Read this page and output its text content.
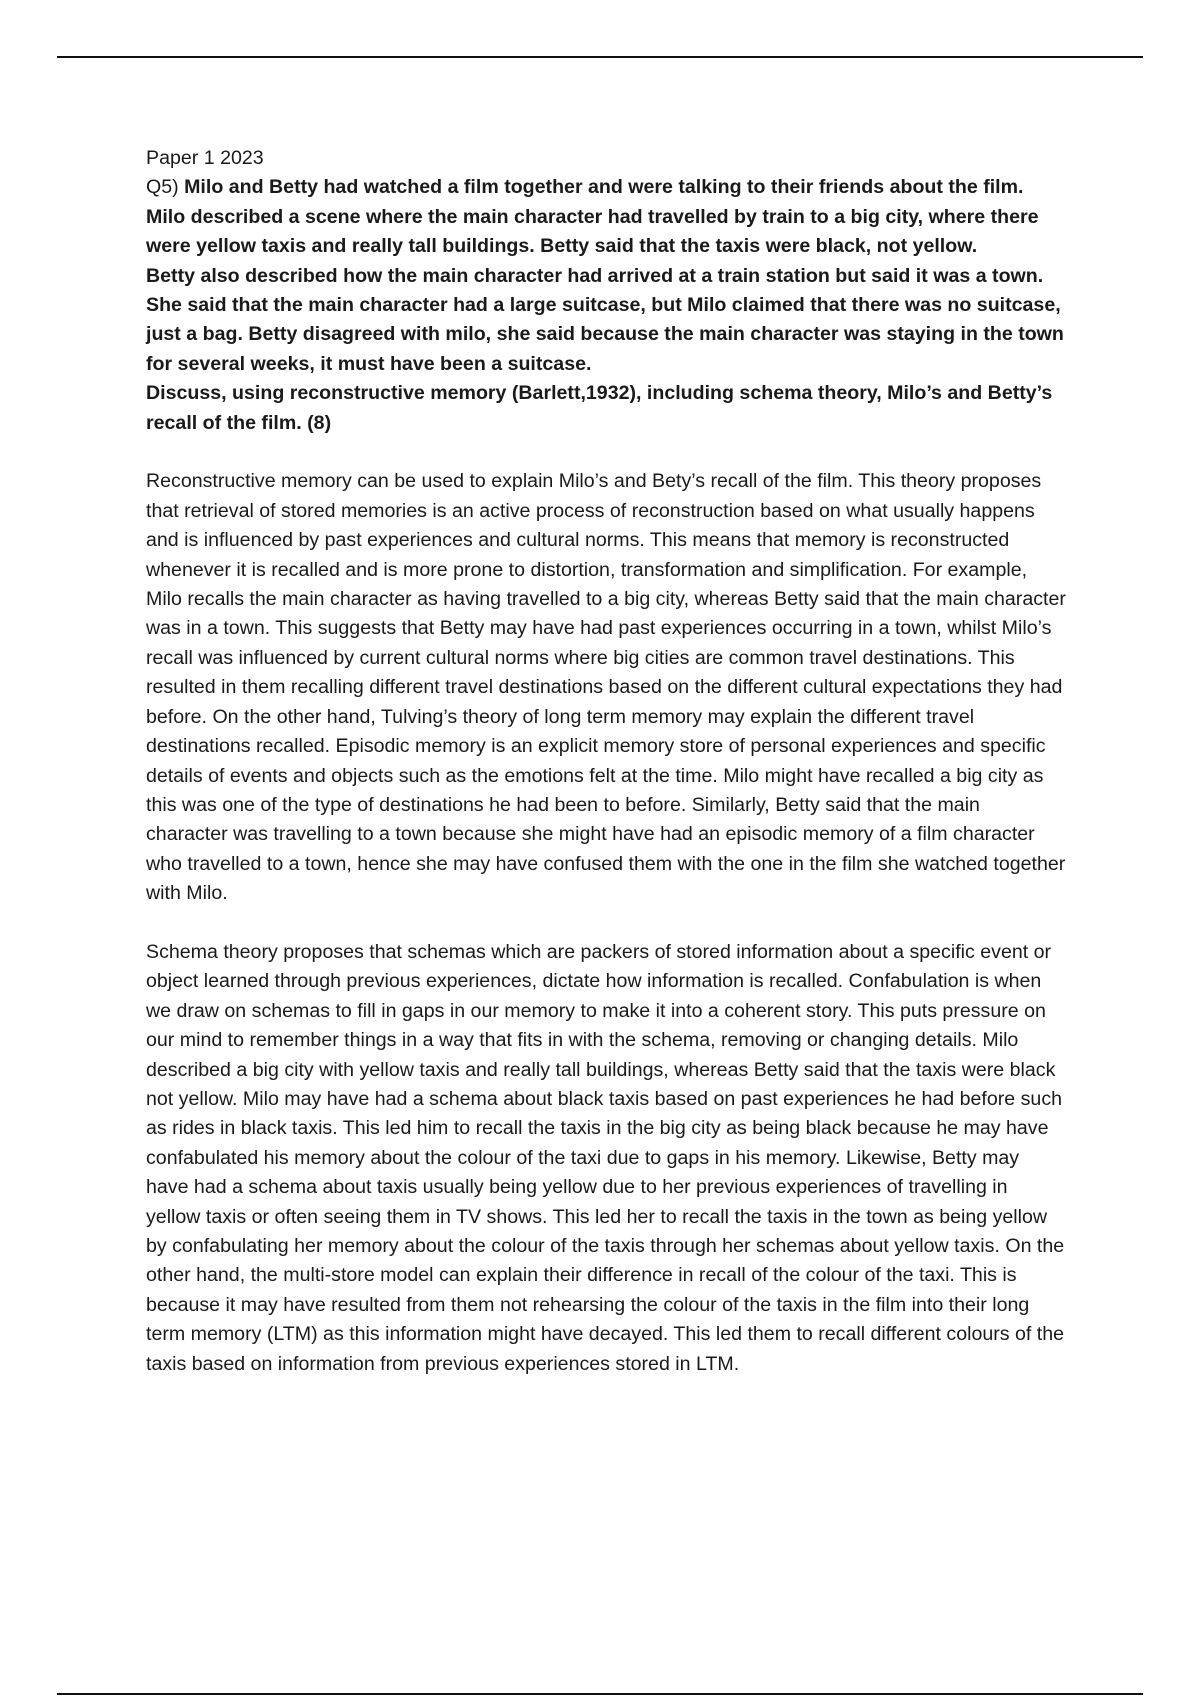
Paper 1 2023

Q5) Milo and Betty had watched a film together and were talking to their friends about the film. Milo described a scene where the main character had travelled by train to a big city, where there were yellow taxis and really tall buildings. Betty said that the taxis were black, not yellow.

Betty also described how the main character had arrived at a train station but said it was a town. She said that the main character had a large suitcase, but Milo claimed that there was no suitcase, just a bag. Betty disagreed with milo, she said because the main character was staying in the town for several weeks, it must have been a suitcase.

Discuss, using reconstructive memory (Barlett,1932), including schema theory, Milo’s and Betty’s recall of the film. (8)

Reconstructive memory can be used to explain Milo’s and Bety’s recall of the film. This theory proposes that retrieval of stored memories is an active process of reconstruction based on what usually happens and is influenced by past experiences and cultural norms. This means that memory is reconstructed whenever it is recalled and is more prone to distortion, transformation and simplification. For example, Milo recalls the main character as having travelled to a big city, whereas Betty said that the main character was in a town. This suggests that Betty may have had past experiences occurring in a town, whilst Milo’s recall was influenced by current cultural norms where big cities are common travel destinations. This resulted in them recalling different travel destinations based on the different cultural expectations they had before. On the other hand, Tulving’s theory of long term memory may explain the different travel destinations recalled. Episodic memory is an explicit memory store of personal experiences and specific details of events and objects such as the emotions felt at the time. Milo might have recalled a big city as this was one of the type of destinations he had been to before. Similarly, Betty said that the main character was travelling to a town because she might have had an episodic memory of a film character who travelled to a town, hence she may have confused them with the one in the film she watched together with Milo.

Schema theory proposes that schemas which are packers of stored information about a specific event or object learned through previous experiences, dictate how information is recalled. Confabulation is when we draw on schemas to fill in gaps in our memory to make it into a coherent story. This puts pressure on our mind to remember things in a way that fits in with the schema, removing or changing details. Milo described a big city with yellow taxis and really tall buildings, whereas Betty said that the taxis were black not yellow. Milo may have had a schema about black taxis based on past experiences he had before such as rides in black taxis. This led him to recall the taxis in the big city as being black because he may have confabulated his memory about the colour of the taxi due to gaps in his memory. Likewise, Betty may have had a schema about taxis usually being yellow due to her previous experiences of travelling in yellow taxis or often seeing them in TV shows. This led her to recall the taxis in the town as being yellow by confabulating her memory about the colour of the taxis through her schemas about yellow taxis. On the other hand, the multi-store model can explain their difference in recall of the colour of the taxi. This is because it may have resulted from them not rehearsing the colour of the taxis in the film into their long term memory (LTM) as this information might have decayed. This led them to recall different colours of the taxis based on information from previous experiences stored in LTM.
